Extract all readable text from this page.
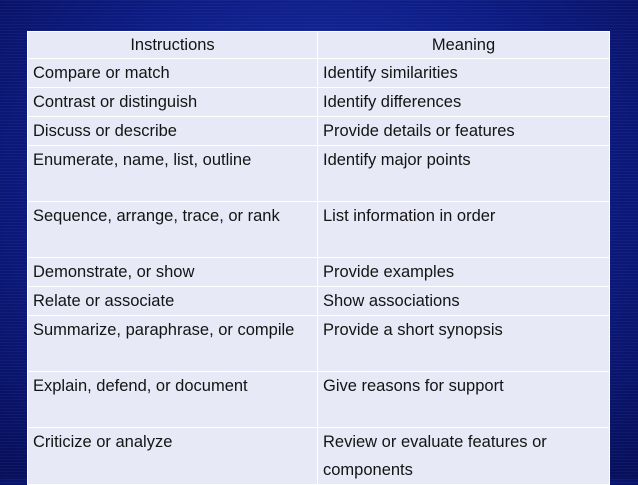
Instructions	Meaning
Compare or match	Identify similarities
Contrast or distinguish	Identify differences
Discuss or describe	Provide details or features
Enumerate, name, list, outline	Identify major points
Sequence, arrange, trace, or rank	List information in order
Demonstrate, or show	Provide examples
Relate or associate	Show associations
Summarize, paraphrase, or compile	Provide a short synopsis
Explain, defend, or document	Give reasons for support
Criticize or analyze	Review or evaluate features or components
